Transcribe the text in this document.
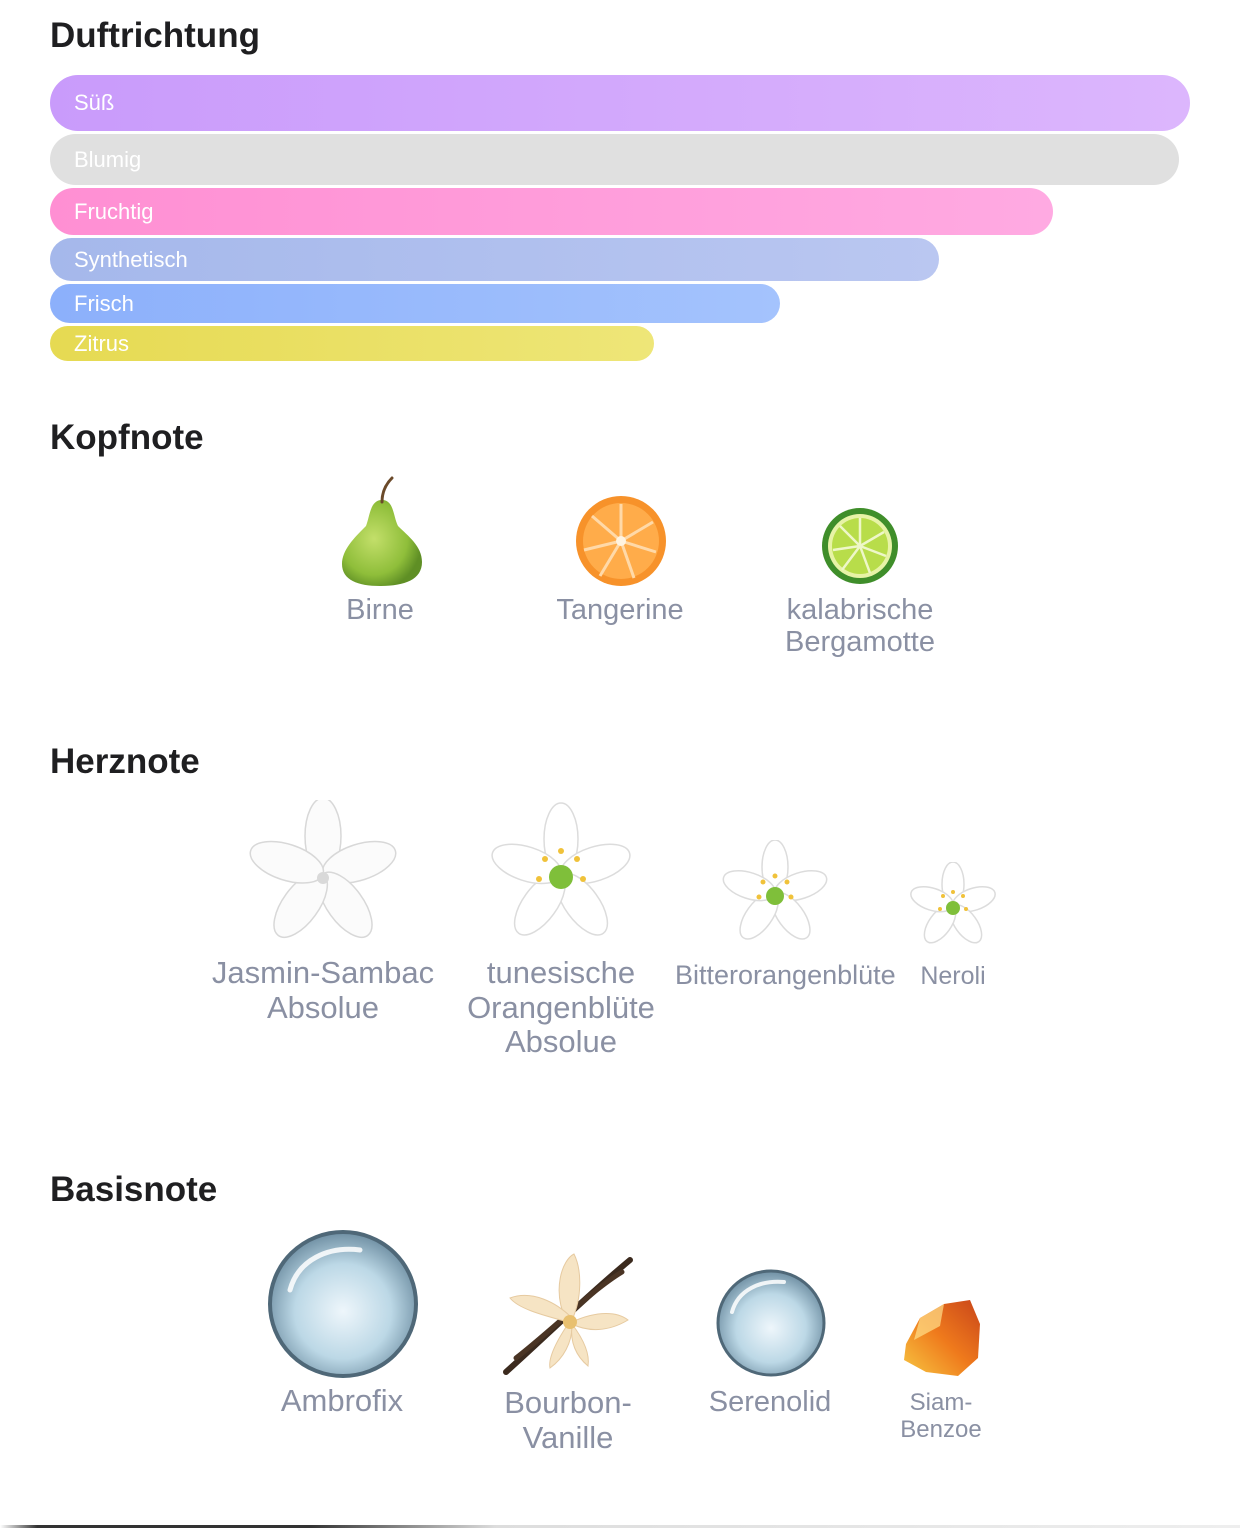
Duftrichtung
Süß
Blumig
Fruchtig
Synthetisch
Frisch
Zitrus
Kopfnote
Birne	Tangerine	kalabrische Bergamotte
Herznote
Jasmin-Sambac Absolue
tunesische Orangenblüte Absolue
Bitterorangenblüte Neroli
Basisnote
Ambrofix	Bourbon-Vanille
Serenolid	Siam-Benzoe
